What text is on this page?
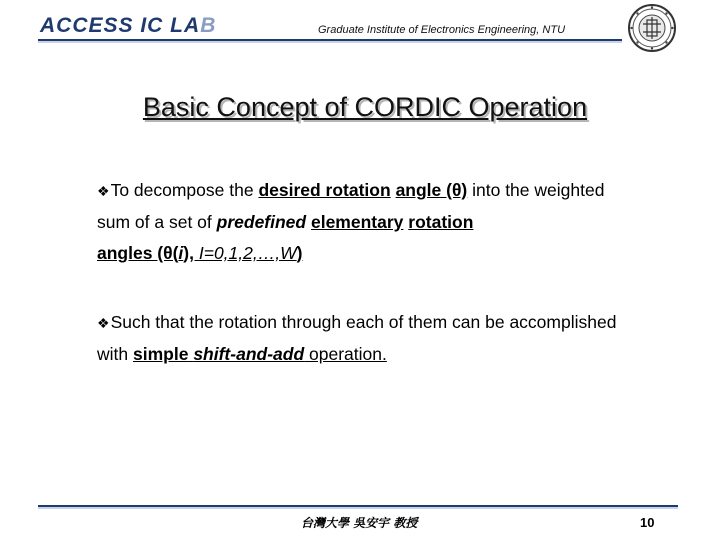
ACCESS IC LAB	Graduate Institute of Electronics Engineering, NTU
Basic Concept of CORDIC Operation
❖To decompose the desired rotation angle (θ) into the weighted sum of a set of predefined elementary rotation angles (θ(i), I=0,1,2,…,W)
❖Such that the rotation through each of them can be accomplished with simple shift-and-add operation.
台灣大學 吳安宇 教授	10
